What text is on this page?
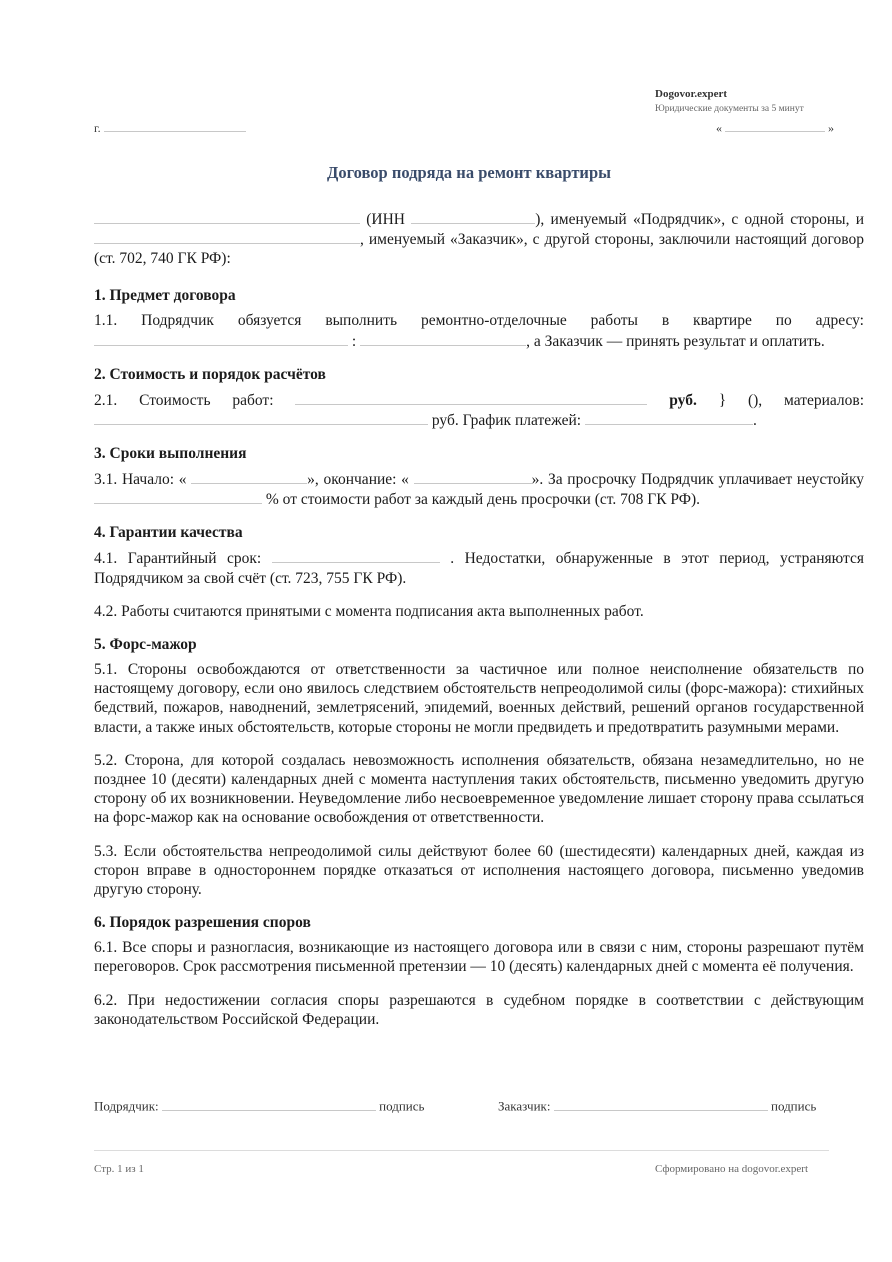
Dogovor.expert
Юридические документы за 5 минут
г.	«	»
Договор подряда на ремонт квартиры

(ИНН	), именуемый «Подрядчик», с одной стороны, и , именуемый «Заказчик», с другой стороны, заключили настоящий договор (ст. 702, 740 ГК РФ):

1. Предмет договора

1.1. Подрядчик обязуется выполнить ремонтно-отделочные работы в квартире по адресу:  :	, а Заказчик — принять результат и оплатить.

2. Стоимость и порядок расчётов

2.1. Стоимость работ:	руб. } (), материалов:  руб. График платежей:	.

3. Сроки выполнения

3.1. Начало: «	», окончание: «	». За просрочку Подрядчик уплачивает неустойку  % от стоимости работ за каждый день просрочки (ст. 708 ГК РФ).

4. Гарантии качества

4.1. Гарантийный срок:	. Недостатки, обнаруженные в этот период, устраняются Подрядчиком за свой счёт (ст. 723, 755 ГК РФ).

4.2. Работы считаются принятыми с момента подписания акта выполненных работ.

5. Форс-мажор

5.1. Стороны освобождаются от ответственности за частичное или полное неисполнение обязательств по настоящему договору, если оно явилось следствием обстоятельств непреодолимой силы (форс-мажора): стихийных бедствий, пожаров, наводнений, землетрясений, эпидемий, военных действий, решений органов государственной власти, а также иных обстоятельств, которые стороны не могли предвидеть и предотвратить разумными мерами.

5.2. Сторона, для которой создалась невозможность исполнения обязательств, обязана незамедлительно, но не позднее 10 (десяти) календарных дней с момента наступления таких обстоятельств, письменно уведомить другую сторону об их возникновении. Неуведомление либо несвоевременное уведомление лишает сторону права ссылаться на форс-мажор как на основание освобождения от ответственности.

5.3. Если обстоятельства непреодолимой силы действуют более 60 (шестидесяти) календарных дней, каждая из сторон вправе в одностороннем порядке отказаться от исполнения настоящего договора, письменно уведомив другую сторону.

6. Порядок разрешения споров

6.1. Все споры и разногласия, возникающие из настоящего договора или в связи с ним, стороны разрешают путём переговоров. Срок рассмотрения письменной претензии — 10 (десять) календарных дней с момента её получения.

6.2. При недостижении согласия споры разрешаются в судебном порядке в соответствии с действующим законодательством Российской Федерации.

Подрядчик:	подпись	Заказчик:	подпись
Стр. 1 из 1	Сформировано на dogovor.expert
